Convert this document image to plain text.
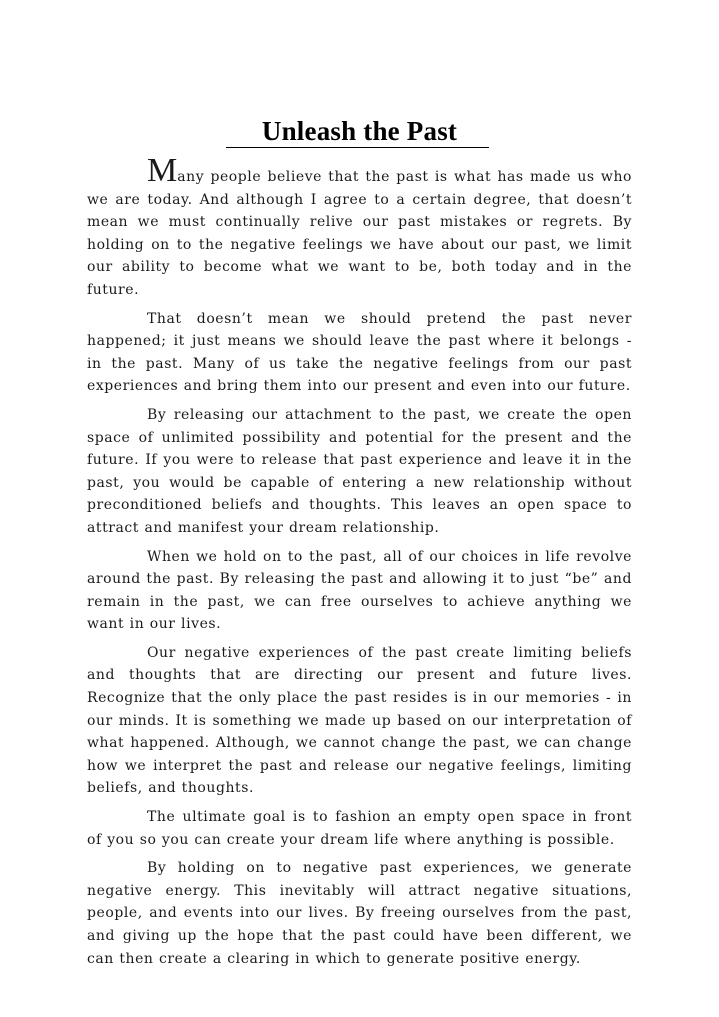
Unleash the Past

Many people believe that the past is what has made us who we are today. And although I agree to a certain degree, that doesn’t mean we must continually relive our past mistakes or regrets. By holding on to the negative feelings we have about our past, we limit our ability to become what we want to be, both today and in the future.

That doesn’t mean we should pretend the past never happened; it just means we should leave the past where it belongs - in the past. Many of us take the negative feelings from our past experiences and bring them into our present and even into our future.

By releasing our attachment to the past, we create the open space of unlimited possibility and potential for the present and the future. If you were to release that past experience and leave it in the past, you would be capable of entering a new relationship without preconditioned beliefs and thoughts. This leaves an open space to attract and manifest your dream relationship.

When we hold on to the past, all of our choices in life revolve around the past. By releasing the past and allowing it to just “be” and remain in the past, we can free ourselves to achieve anything we want in our lives.

Our negative experiences of the past create limiting beliefs and thoughts that are directing our present and future lives. Recognize that the only place the past resides is in our memories - in our minds. It is something we made up based on our interpretation of what happened. Although, we cannot change the past, we can change how we interpret the past and release our negative feelings, limiting beliefs, and thoughts.

The ultimate goal is to fashion an empty open space in front of you so you can create your dream life where anything is possible.

By holding on to negative past experiences, we generate negative energy. This inevitably will attract negative situations, people, and events into our lives. By freeing ourselves from the past, and giving up the hope that the past could have been different, we can then create a clearing in which to generate positive energy.
